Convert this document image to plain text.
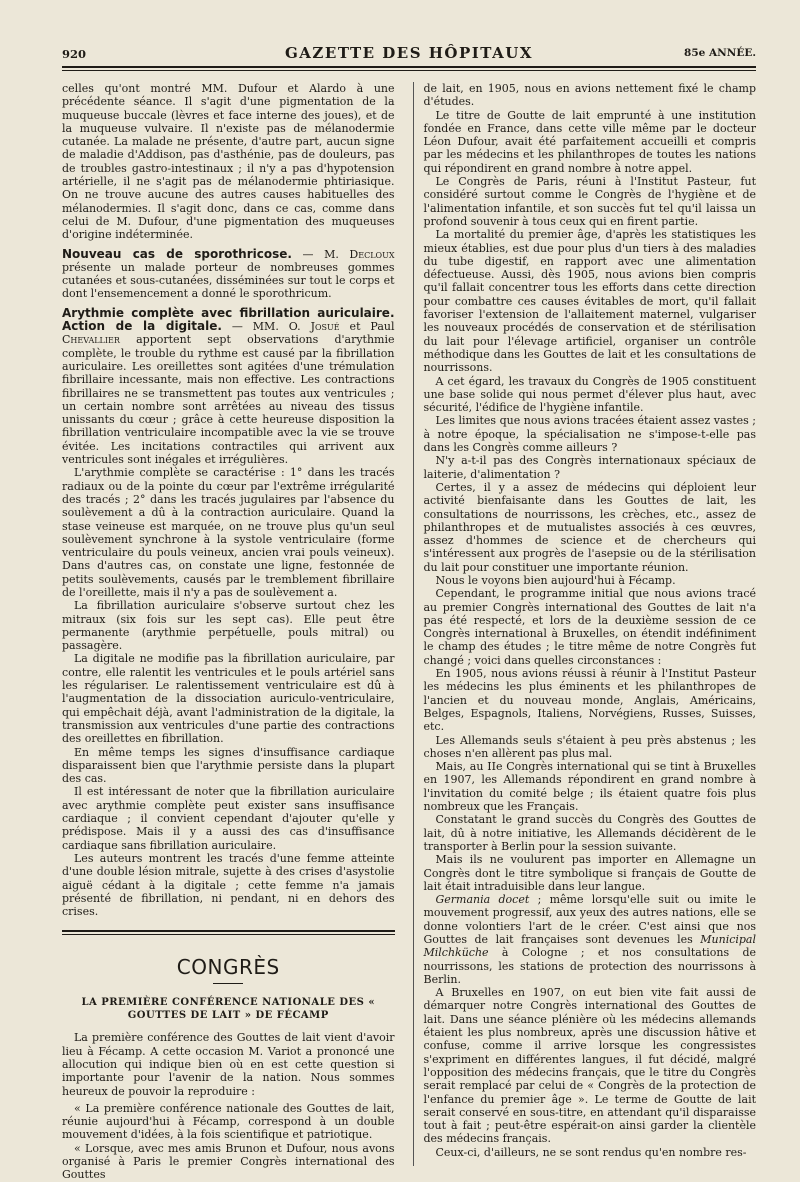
920	GAZETTE DES HÔPITAUX	85e ANNÉE.

celles qu'ont montré MM. Dufour et Alardo à une précédente séance. Il s'agit d'une pigmentation de la muqueuse buccale (lèvres et face interne des joues), et de la muqueuse vulvaire. Il n'existe pas de mélanodermie cutanée. La malade ne présente, d'autre part, aucun signe de maladie d'Addison, pas d'asthénie, pas de douleurs, pas de troubles gastro-intestinaux ; il n'y a pas d'hypotension artérielle, il ne s'agit pas de mélanodermie phtiriasique. On ne trouve aucune des autres causes habituelles des mélanodermies. Il s'agit donc, dans ce cas, comme dans celui de M. Dufour, d'une pigmentation des muqueuses d'origine indéterminée.

Nouveau cas de sporothricose. — M. Decloux présente un malade porteur de nombreuses gommes cutanées et sous-cutanées, disséminées sur tout le corps et dont l'ensemencement a donné le sporothricum.

Arythmie complète avec fibrillation auriculaire. Action de la digitale. — MM. O. Josué et Paul Chevallier apportent sept observations d'arythmie complète, le trouble du rythme est causé par la fibrillation auriculaire. Les oreillettes sont agitées d'une trémulation fibrillaire incessante, mais non effective. Les contractions fibrillaires ne se transmettent pas toutes aux ventricules ; un certain nombre sont arrêtées au niveau des tissus unissants du cœur ; grâce à cette heureuse disposition la fibrillation ventriculaire incompatible avec la vie se trouve évitée. Les incitations contractiles qui arrivent aux ventricules sont inégales et irrégulières.

L'arythmie complète se caractérise : 1° dans les tracés radiaux ou de la pointe du cœur par l'extrême irrégularité des tracés ; 2° dans les tracés jugulaires par l'absence du soulèvement a dû à la contraction auriculaire. Quand la stase veineuse est marquée, on ne trouve plus qu'un seul soulèvement synchrone à la systole ventriculaire (forme ventriculaire du pouls veineux, ancien vrai pouls veineux). Dans d'autres cas, on constate une ligne, festonnée de petits soulèvements, causés par le tremblement fibrillaire de l'oreillette, mais il n'y a pas de soulèvement a.

La fibrillation auriculaire s'observe surtout chez les mitraux (six fois sur les sept cas). Elle peut être permanente (arythmie perpétuelle, pouls mitral) ou passagère.

La digitale ne modifie pas la fibrillation auriculaire, par contre, elle ralentit les ventricules et le pouls artériel sans les régulariser. Le ralentissement ventriculaire est dû à l'augmentation de la dissociation auriculo-ventriculaire, qui empêchait déjà, avant l'administration de la digitale, la transmission aux ventricules d'une partie des contractions des oreillettes en fibrillation.

En même temps les signes d'insuffisance cardiaque disparaissent bien que l'arythmie persiste dans la plupart des cas.

Il est intéressant de noter que la fibrillation auriculaire avec arythmie complète peut exister sans insuffisance cardiaque ; il convient cependant d'ajouter qu'elle y prédispose. Mais il y a aussi des cas d'insuffisance cardiaque sans fibrillation auriculaire.

Les auteurs montrent les tracés d'une femme atteinte d'une double lésion mitrale, sujette à des crises d'asystolie aiguë cédant à la digitale ; cette femme n'a jamais présenté de fibrillation, ni pendant, ni en dehors des crises.

CONGRÈS
LA PREMIÈRE CONFÉRENCE NATIONALE DES « GOUTTES DE LAIT » DE FÉCAMP

La première conférence des Gouttes de lait vient d'avoir lieu à Fécamp. A cette occasion M. Variot a prononcé une allocution qui indique bien où en est cette question si importante pour l'avenir de la nation. Nous sommes heureux de pouvoir la reproduire :

« La première conférence nationale des Gouttes de lait, réunie aujourd'hui à Fécamp, correspond à un double mouvement d'idées, à la fois scientifique et patriotique.

« Lorsque, avec mes amis Brunon et Dufour, nous avons organisé à Paris le premier Congrès international des Gouttes

de lait, en 1905, nous en avions nettement fixé le champ d'études.

Le titre de Goutte de lait emprunté à une institution fondée en France, dans cette ville même par le docteur Léon Dufour, avait été parfaitement accueilli et compris par les médecins et les philanthropes de toutes les nations qui répondirent en grand nombre à notre appel.

Le Congrès de Paris, réuni à l'Institut Pasteur, fut considéré surtout comme le Congrès de l'hygiène et de l'alimentation infantile, et son succès fut tel qu'il laissa un profond souvenir à tous ceux qui en firent partie.

La mortalité du premier âge, d'après les statistiques les mieux établies, est due pour plus d'un tiers à des maladies du tube digestif, en rapport avec une alimentation défectueuse. Aussi, dès 1905, nous avions bien compris qu'il fallait concentrer tous les efforts dans cette direction pour combattre ces causes évitables de mort, qu'il fallait favoriser l'extension de l'allaitement maternel, vulgariser les nouveaux procédés de conservation et de stérilisation du lait pour l'élevage artificiel, organiser un contrôle méthodique dans les Gouttes de lait et les consultations de nourrissons.

A cet égard, les travaux du Congrès de 1905 constituent une base solide qui nous permet d'élever plus haut, avec sécurité, l'édifice de l'hygiène infantile.

Les limites que nous avions tracées étaient assez vastes ; à notre époque, la spécialisation ne s'impose-t-elle pas dans les Congrès comme ailleurs ?

N'y a-t-il pas des Congrès internationaux spéciaux de laiterie, d'alimentation ?

Certes, il y a assez de médecins qui déploient leur activité bienfaisante dans les Gouttes de lait, les consultations de nourrissons, les crèches, etc., assez de philanthropes et de mutualistes associés à ces œuvres, assez d'hommes de science et de chercheurs qui s'intéressent aux progrès de l'asepsie ou de la stérilisation du lait pour constituer une importante réunion.

Nous le voyons bien aujourd'hui à Fécamp.

Cependant, le programme initial que nous avions tracé au premier Congrès international des Gouttes de lait n'a pas été respecté, et lors de la deuxième session de ce Congrès international à Bruxelles, on étendit indéfiniment le champ des études ; le titre même de notre Congrès fut changé ; voici dans quelles circonstances :

En 1905, nous avions réussi à réunir à l'Institut Pasteur les médecins les plus éminents et les philanthropes de l'ancien et du nouveau monde, Anglais, Américains, Belges, Espagnols, Italiens, Norvégiens, Russes, Suisses, etc.

Les Allemands seuls s'étaient à peu près abstenus ; les choses n'en allèrent pas plus mal.

Mais, au IIe Congrès international qui se tint à Bruxelles en 1907, les Allemands répondirent en grand nombre à l'invitation du comité belge ; ils étaient quatre fois plus nombreux que les Français.

Constatant le grand succès du Congrès des Gouttes de lait, dû à notre initiative, les Allemands décidèrent de le transporter à Berlin pour la session suivante.

Mais ils ne voulurent pas importer en Allemagne un Congrès dont le titre symbolique si français de Goutte de lait était intraduisible dans leur langue.

Germania docet ; même lorsqu'elle suit ou imite le mouvement progressif, aux yeux des autres nations, elle se donne volontiers l'art de le créer. C'est ainsi que nos Gouttes de lait françaises sont devenues les Municipal Milchküche à Cologne ; et nos consultations de nourrissons, les stations de protection des nourrissons à Berlin.

A Bruxelles en 1907, on eut bien vite fait aussi de démarquer notre Congrès international des Gouttes de lait. Dans une séance plénière où les médecins allemands étaient les plus nombreux, après une discussion hâtive et confuse, comme il arrive lorsque les congressistes s'expriment en différentes langues, il fut décidé, malgré l'opposition des médecins français, que le titre du Congrès serait remplacé par celui de « Congrès de la protection de l'enfance du premier âge ». Le terme de Goutte de lait serait conservé en sous-titre, en attendant qu'il disparaisse tout à fait ; peut-être espérait-on ainsi garder la clientèle des médecins français.

Ceux-ci, d'ailleurs, ne se sont rendus qu'en nombre res-
